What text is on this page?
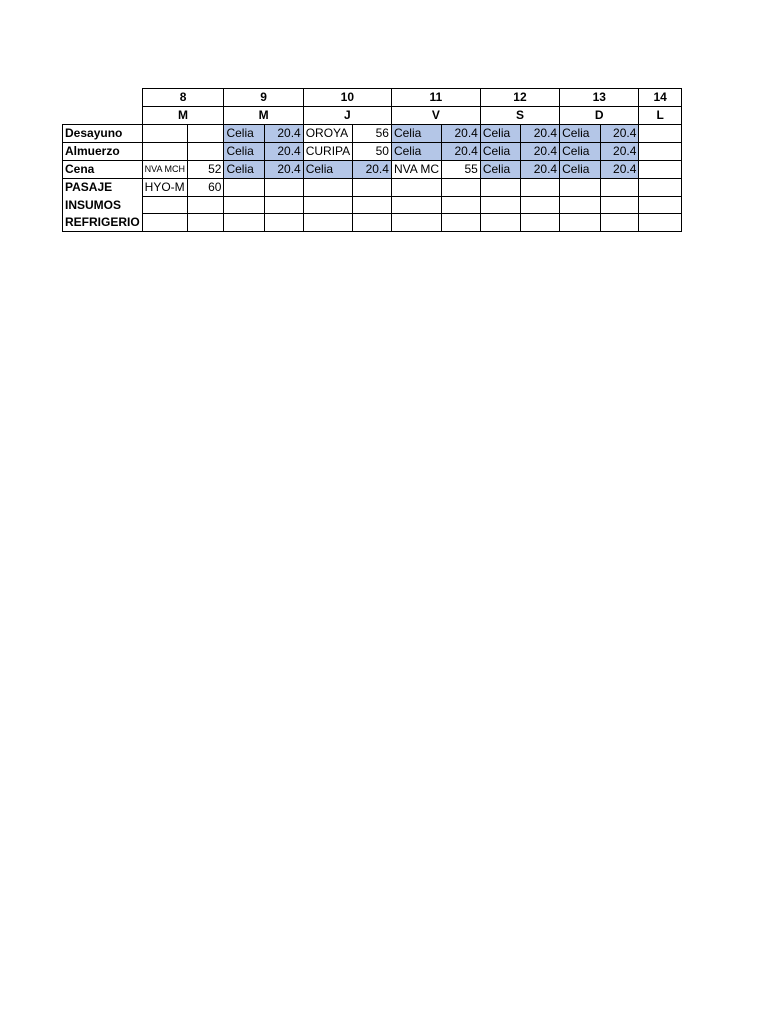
	8		9		10		11		12		13		14
	M		M		J		V		S		D		L
Desayuno			Celia	20.4	OROYA	56	Celia	20.4	Celia	20.4	Celia	20.4	
Almuerzo			Celia	20.4	CURIPA	50	Celia	20.4	Celia	20.4	Celia	20.4	
Cena	NVA MCH	52	Celia	20.4	Celia	20.4	NVA MC	55	Celia	20.4	Celia	20.4	
PASAJE	HYO-M	60											
INSUMOS													
REFRIGERIO													
